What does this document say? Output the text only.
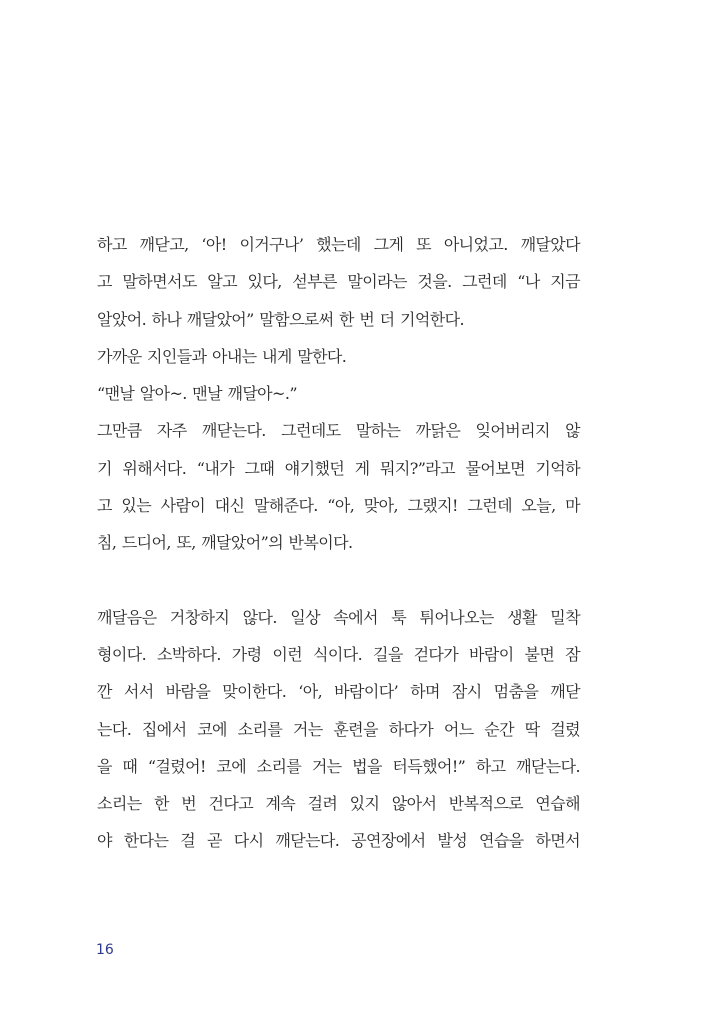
하고 깨닫고, ‘아! 이거구나’ 했는데 그게 또 아니었고. 깨달았다
고 말하면서도 알고 있다, 섣부른 말이라는 것을. 그런데 “나 지금
알았어. 하나 깨달았어” 말함으로써 한 번 더 기억한다.
가까운 지인들과 아내는 내게 말한다.
“맨날 알아~. 맨날 깨달아~.”
그만큼 자주 깨닫는다. 그런데도 말하는 까닭은 잊어버리지 않
기 위해서다. “내가 그때 얘기했던 게 뭐지?”라고 물어보면 기억하
고 있는 사람이 대신 말해준다. “아, 맞아, 그랬지! 그런데 오늘, 마
침, 드디어, 또, 깨달았어”의 반복이다.
깨달음은 거창하지 않다. 일상 속에서 툭 튀어나오는 생활 밀착
형이다. 소박하다. 가령 이런 식이다. 길을 걷다가 바람이 불면 잠
깐 서서 바람을 맞이한다. ‘아, 바람이다’ 하며 잠시 멈춤을 깨닫
는다. 집에서 코에 소리를 거는 훈련을 하다가 어느 순간 딱 걸렸
을 때 “걸렸어! 코에 소리를 거는 법을 터득했어!” 하고 깨닫는다.
소리는 한 번 건다고 계속 걸려 있지 않아서 반복적으로 연습해
야 한다는 걸 곧 다시 깨닫는다. 공연장에서 발성 연습을 하면서
16
